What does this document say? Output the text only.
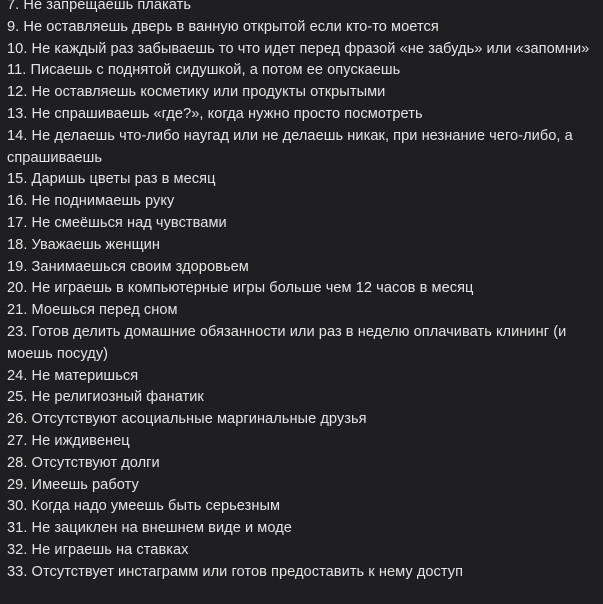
7. Не запрещаешь плакать

9. Не оставляешь дверь в ванную открытой если кто-то моется

10. Не каждый раз забываешь то что идет перед фразой «не забудь» или «запомни»

11. Писаешь с поднятой сидушкой, а потом ее опускаешь

12. Не оставляешь косметику или продукты открытыми

13. Не спрашиваешь «где?», когда нужно просто посмотреть

14. Не делаешь что-либо наугад или не делаешь никак, при незнание чего-либо, а спрашиваешь

15. Даришь цветы раз в месяц

16. Не поднимаешь руку

17. Не смеёшься над чувствами

18. Уважаешь женщин

19. Занимаешься своим здоровьем

20. Не играешь в компьютерные игры больше чем 12 часов в месяц

21. Моешься перед сном

23. Готов делить домашние обязанности или раз в неделю оплачивать клининг (и моешь посуду)

24. Не материшься

25. Не религиозный фанатик

26. Отсутствуют асоциальные маргинальные друзья

27. Не иждивенец

28. Отсутствуют долги

29. Имеешь работу

30. Когда надо умеешь быть серьезным

31. Не зациклен на внешнем виде и моде

32. Не играешь на ставках

33. Отсутствует инстаграмм или готов предоставить к нему доступ
